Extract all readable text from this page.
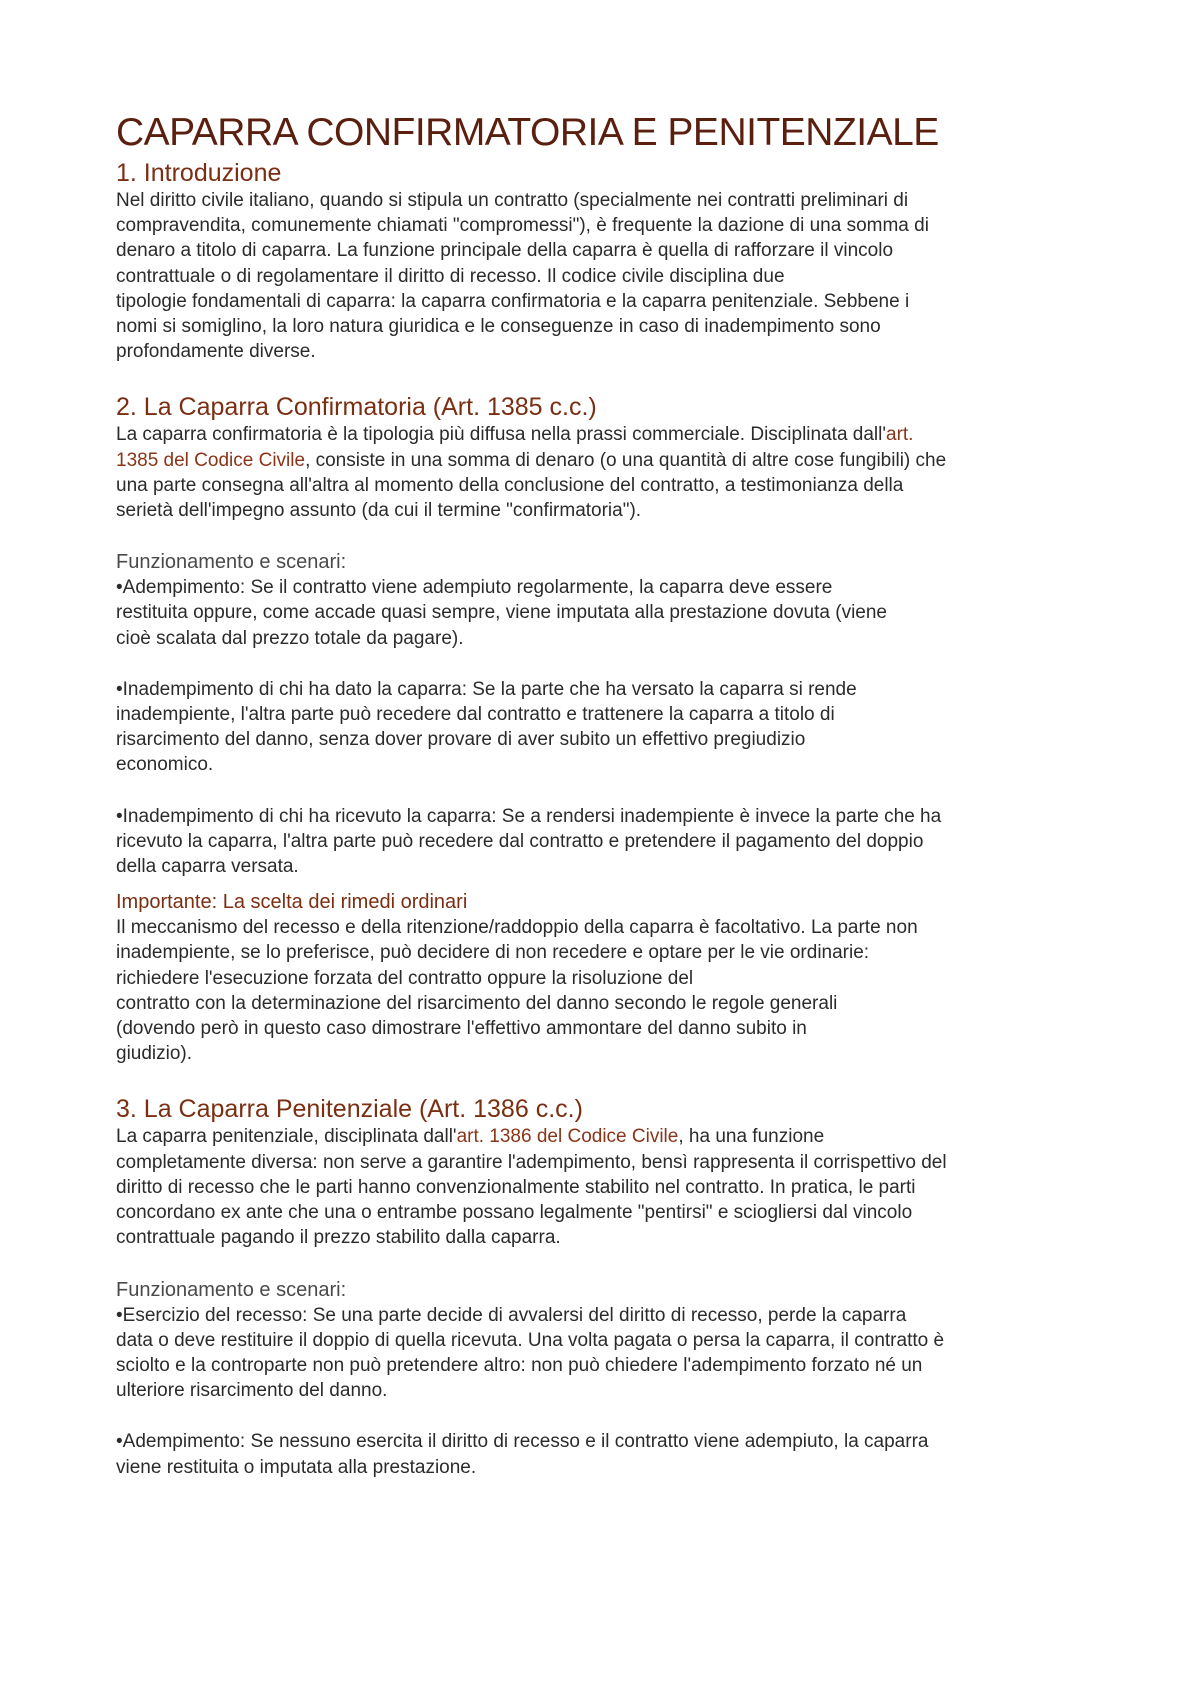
CAPARRA CONFIRMATORIA E PENITENZIALE
1. Introduzione

Nel diritto civile italiano, quando si stipula un contratto (specialmente nei contratti preliminari di

compravendita, comunemente chiamati "compromessi"), è frequente la dazione di una somma di

denaro a titolo di caparra. La funzione principale della caparra è quella di rafforzare il vincolo

contrattuale o di regolamentare il diritto di recesso. Il codice civile disciplina due

tipologie fondamentali di caparra: la caparra confirmatoria e la caparra penitenziale. Sebbene i

nomi si somiglino, la loro natura giuridica e le conseguenze in caso di inadempimento sono

profondamente diverse.

2. La Caparra Confirmatoria (Art. 1385 c.c.)

La caparra confirmatoria è la tipologia più diffusa nella prassi commerciale. Disciplinata dall'art.

1385 del Codice Civile, consiste in una somma di denaro (o una quantità di altre cose fungibili) che

una parte consegna all'altra al momento della conclusione del contratto, a testimonianza della

serietà dell'impegno assunto (da cui il termine "confirmatoria").

Funzionamento e scenari:

•Adempimento: Se il contratto viene adempiuto regolarmente, la caparra deve essere

restituita oppure, come accade quasi sempre, viene imputata alla prestazione dovuta (viene

cioè scalata dal prezzo totale da pagare).

•Inadempimento di chi ha dato la caparra: Se la parte che ha versato la caparra si rende

inadempiente, l'altra parte può recedere dal contratto e trattenere la caparra a titolo di

risarcimento del danno, senza dover provare di aver subito un effettivo pregiudizio

economico.

•Inadempimento di chi ha ricevuto la caparra: Se a rendersi inadempiente è invece la parte che ha

ricevuto la caparra, l'altra parte può recedere dal contratto e pretendere il pagamento del doppio

della caparra versata.

Importante: La scelta dei rimedi ordinari

Il meccanismo del recesso e della ritenzione/raddoppio della caparra è facoltativo. La parte non

inadempiente, se lo preferisce, può decidere di non recedere e optare per le vie ordinarie:

richiedere l'esecuzione forzata del contratto oppure la risoluzione del

contratto con la determinazione del risarcimento del danno secondo le regole generali

(dovendo però in questo caso dimostrare l'effettivo ammontare del danno subito in

giudizio).

3. La Caparra Penitenziale (Art. 1386 c.c.)

La caparra penitenziale, disciplinata dall'art. 1386 del Codice Civile, ha una funzione

completamente diversa: non serve a garantire l'adempimento, bensì rappresenta il corrispettivo del

diritto di recesso che le parti hanno convenzionalmente stabilito nel contratto. In pratica, le parti

concordano ex ante che una o entrambe possano legalmente "pentirsi" e sciogliersi dal vincolo

contrattuale pagando il prezzo stabilito dalla caparra.

Funzionamento e scenari:

•Esercizio del recesso: Se una parte decide di avvalersi del diritto di recesso, perde la caparra

data o deve restituire il doppio di quella ricevuta. Una volta pagata o persa la caparra, il contratto è

sciolto e la controparte non può pretendere altro: non può chiedere l'adempimento forzato né un

ulteriore risarcimento del danno.

•Adempimento: Se nessuno esercita il diritto di recesso e il contratto viene adempiuto, la caparra

viene restituita o imputata alla prestazione.
